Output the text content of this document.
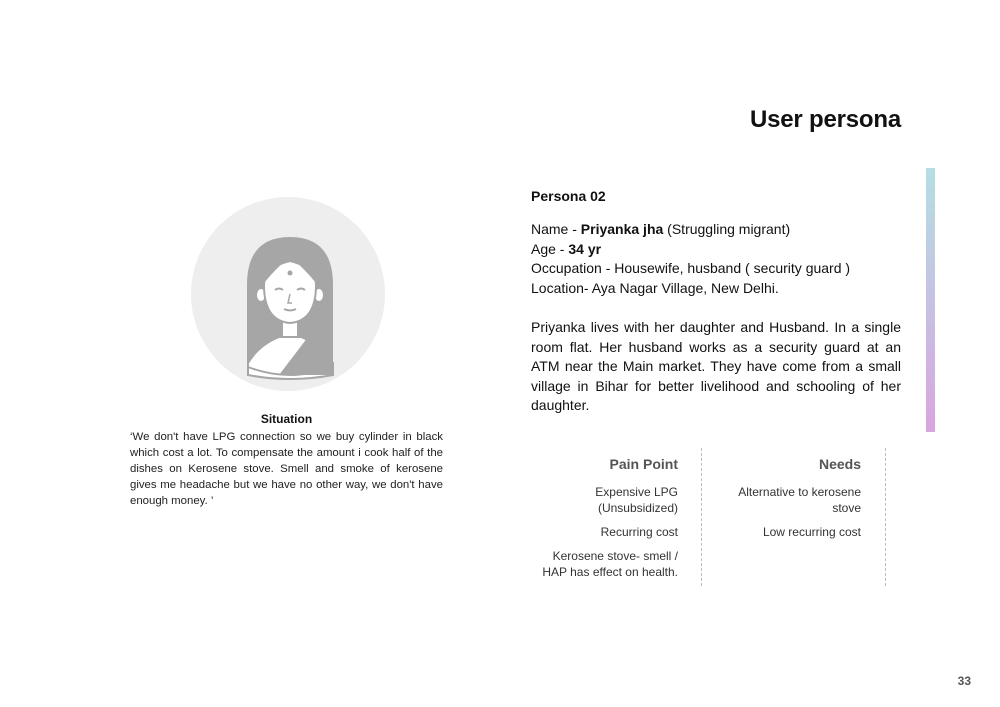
User persona
Situation
‘We don't have LPG connection so we buy cylinder in black which cost a lot. To compensate the amount i cook half of the dishes on Kerosene stove. Smell and smoke of kerosene gives me headache but we have no other way, we don't have enough money. ’
Persona 02
Name - Priyanka jha (Struggling migrant)
Age - 34 yr
Occupation - Housewife, husband ( security guard )
Location- Aya Nagar Village, New Delhi.
Priyanka lives with her daughter and Husband. In a single room flat. Her husband works as a security guard at an ATM near the Main market. They have come from a small village in Bihar for better livelihood and schooling of her daughter.
Pain Point
Expensive LPG (Unsubsidized)
Recurring cost
Kerosene stove- smell / HAP has effect on health.
Needs
Alternative to kerosene stove
Low recurring cost
33
